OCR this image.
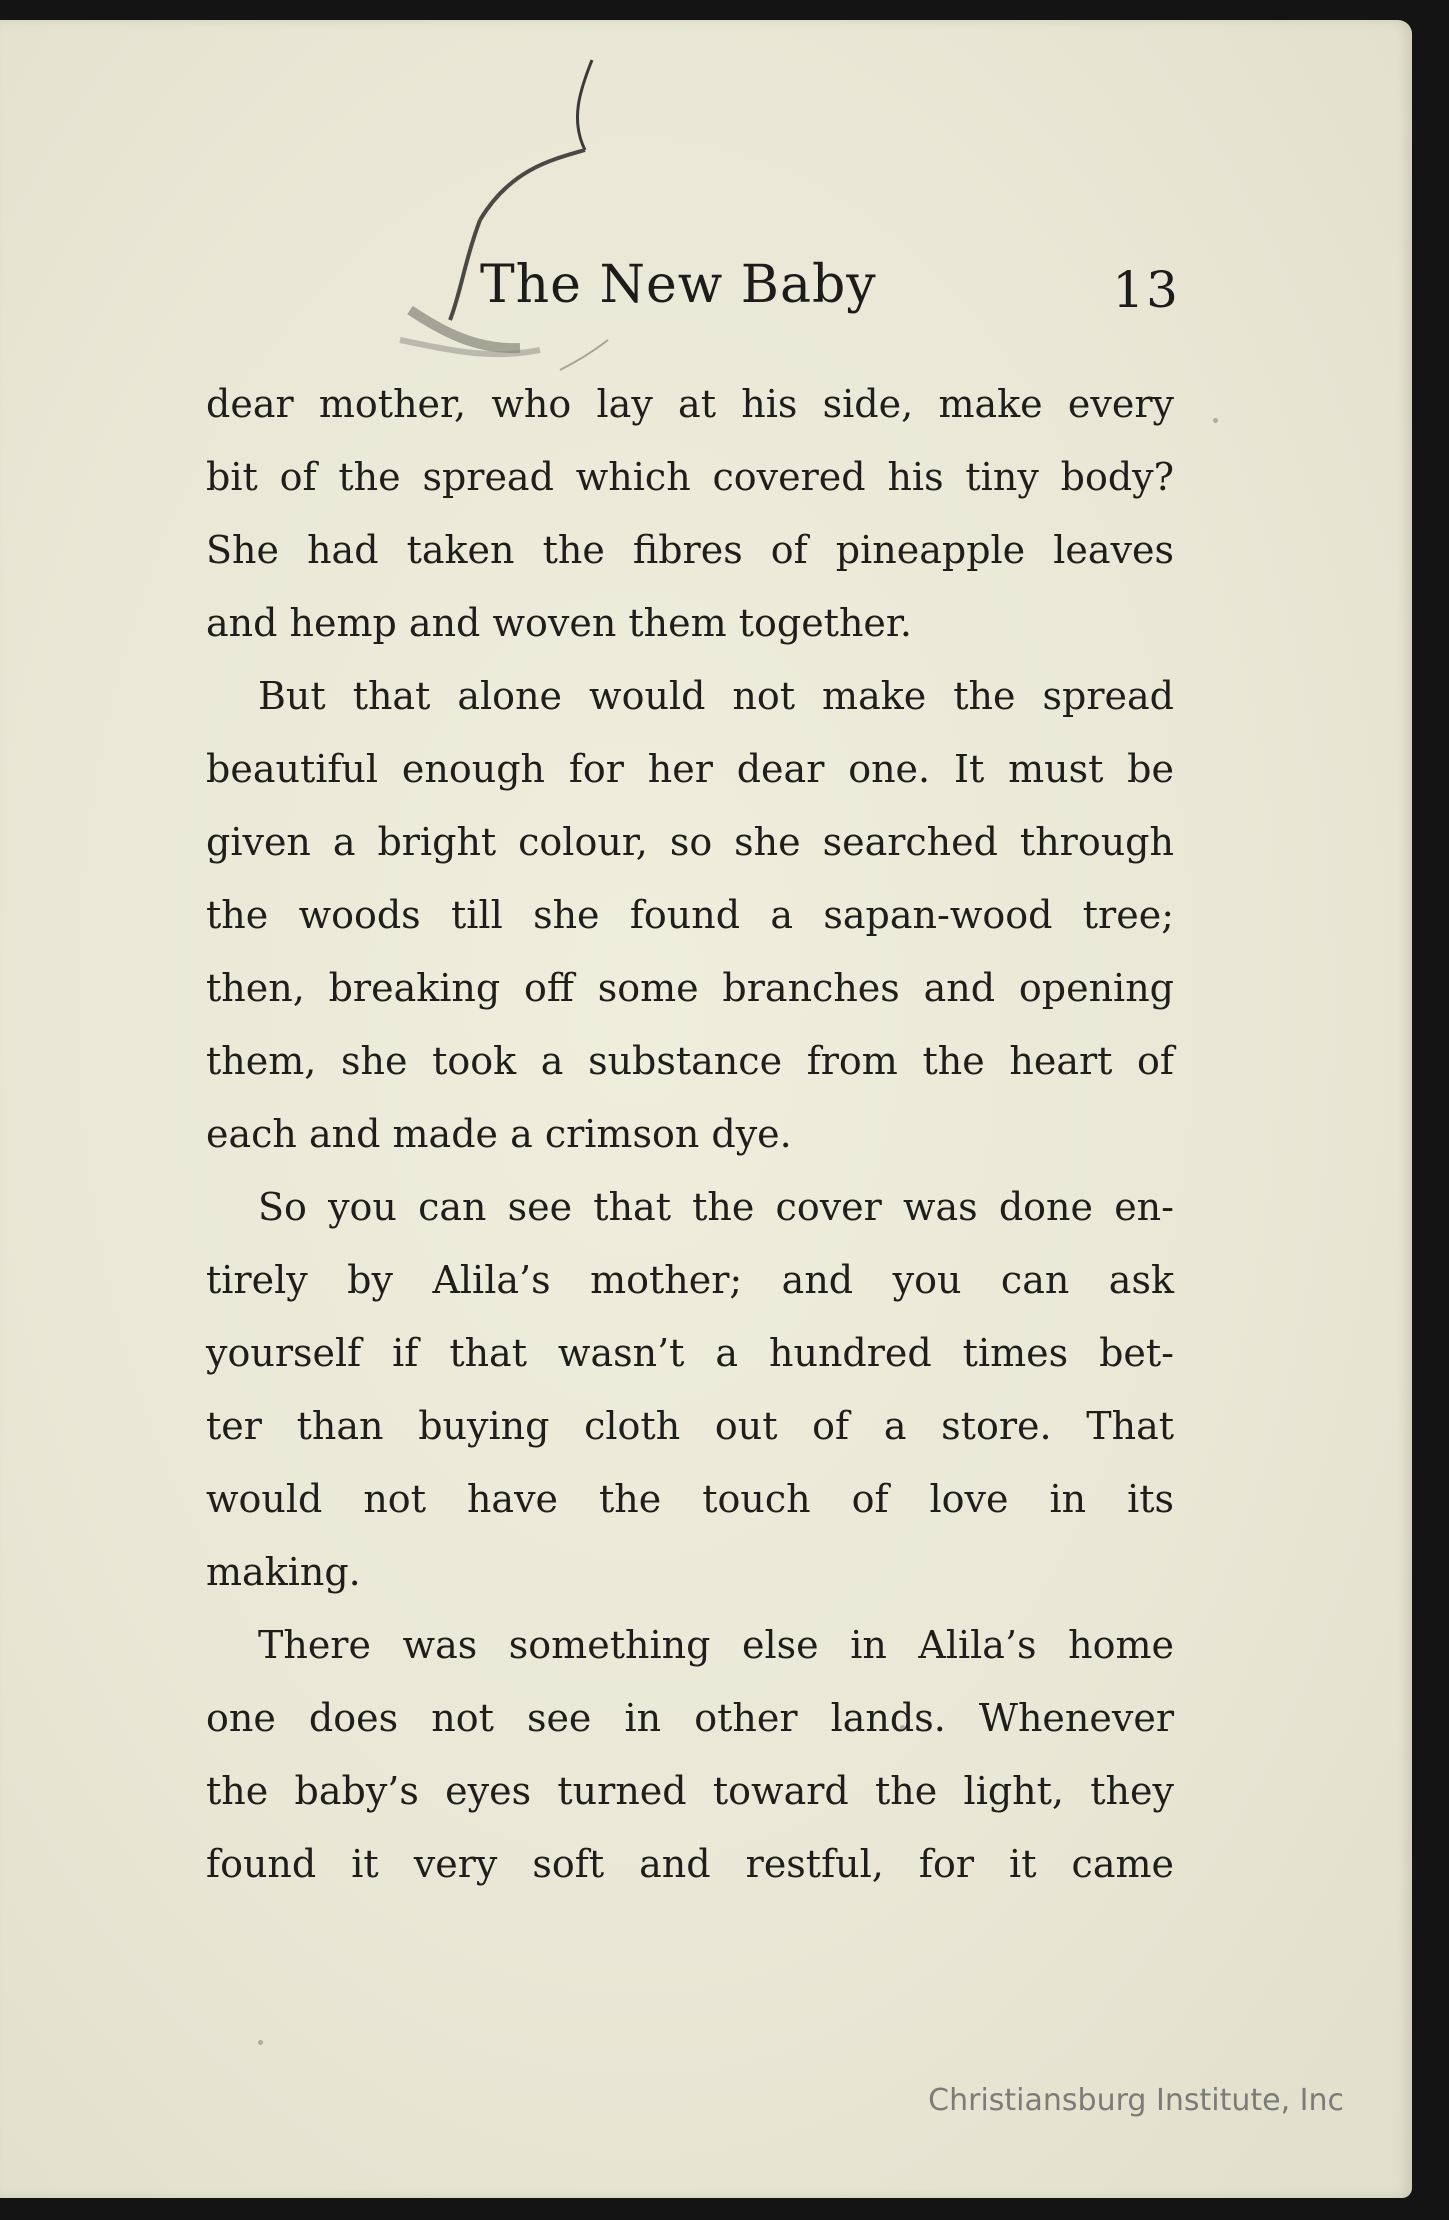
The New Baby	13
dear mother, who lay at his side, make every
bit of the spread which covered his tiny body?
She had taken the fibres of pineapple leaves
and hemp and woven them together.
But that alone would not make the spread
beautiful enough for her dear one. It must be
given a bright colour, so she searched through
the woods till she found a sapan-wood tree;
then, breaking off some branches and opening
them, she took a substance from the heart of
each and made a crimson dye.
So you can see that the cover was done en-
tirely by Alila’s mother; and you can ask
yourself if that wasn’t a hundred times bet-
ter than buying cloth out of a store. That
would not have the touch of love in its
making.
There was something else in Alila’s home
one does not see in other lands. Whenever
the baby’s eyes turned toward the light, they
found it very soft and restful, for it came
Christiansburg Institute, Inc
